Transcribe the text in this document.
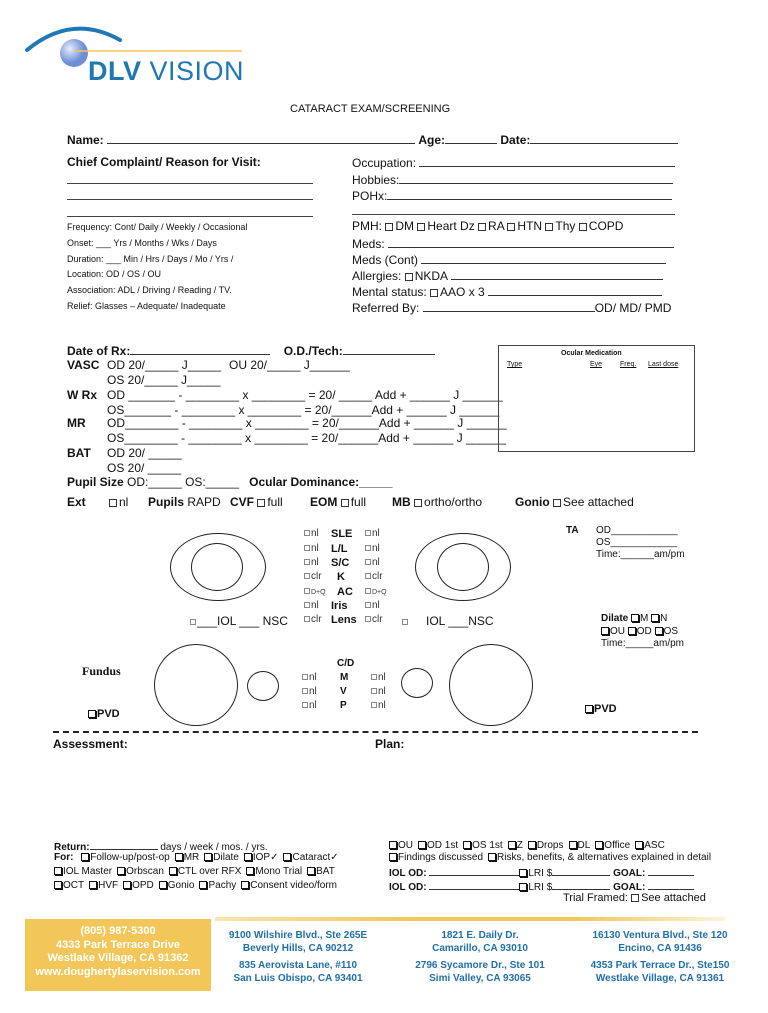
DLV VISION
CATARACT EXAM/SCREENING
Name:	Age:	Date:
Chief Complaint/ Reason for Visit:
Frequency: Cont/ Daily / Weekly / Occasional
Onset: ___ Yrs / Months / Wks / Days
Duration: ___ Min / Hrs / Days / Mo / Yrs /
Location: OD / OS / OU
Association: ADL / Driving / Reading / TV.
Relief: Glasses – Adequate/ Inadequate
Occupation:
Hobbies:
POHx:
PMH: DM Heart Dz RA HTN Thy COPD
Meds:
Meds (Cont)
Allergies: NKDA
Mental status: AAO x 3
Referred By:	OD/ MD/ PMD
Date of Rx:	O.D./Tech:
VASC OD 20/_____ J_____ OU 20/_____ J______
OS 20/_____ J_____
W Rx OD _______ - ________ x ________ = 20/ _____ Add + ______ J ______
OS_______ - ________ x ________ = 20/______Add + ______ J ______
MR OD________ - ________ x ________ = 20/______Add + ______ J ______
OS________ - ________ x ________ = 20/______Add + ______ J ______
BAT OD 20/ _____
OS 20/ _____
Pupil Size OD:_____ OS:_____ Ocular Dominance:_____
Ocular Medication
Type	Eye	Freq. Last dose
Ext	nl Pupils RAPD CVF full EOM full MB ortho/ortho	Gonio See attached
nl SLE	nl
nl L/L	nl
nl S/C	nl
clr K	clr
D+Q AC	D+Q
nl Iris	nl
clr Lens	clr
___IOL ___ NSC	IOL ___NSC
TA OD____________
OS____________
Time:______am/pm
Dilate M N
OU OD OS
Time:_____am/pm
Fundus
C/D
nl M	nl
nl V	nl
nl P	nl
PVD	PVD
Assessment:	Plan:
Return:	days / week / mos. / yrs.
For: Follow-up/post-op MR Dilate IOP✓ Cataract✓
IOL Master Orbscan CTL over RFX Mono Trial BAT
OCT HVF OPD Gonio Pachy Consent video/form
OU OD 1st OS 1st Z Drops DL Office ASC
Findings discussed Risks, benefits, & alternatives explained in detail
IOL OD:	LRI $	GOAL:
IOL OD:	LRI $	GOAL:
Trial Framed: See attached
(805) 987-5300
4333 Park Terrace Drive
Westlake Village, CA 91362
www.doughertylaservision.com
9100 Wilshire Blvd., Ste 265E
Beverly Hills, CA 90212
835 Aerovista Lane, #110
San Luis Obispo, CA 93401
1821 E. Daily Dr.
Camarillo, CA 93010
2796 Sycamore Dr., Ste 101
Simi Valley, CA 93065
16130 Ventura Blvd., Ste 120
Encino, CA 91436
4353 Park Terrace Dr., Ste150
Westlake Village, CA 91361
